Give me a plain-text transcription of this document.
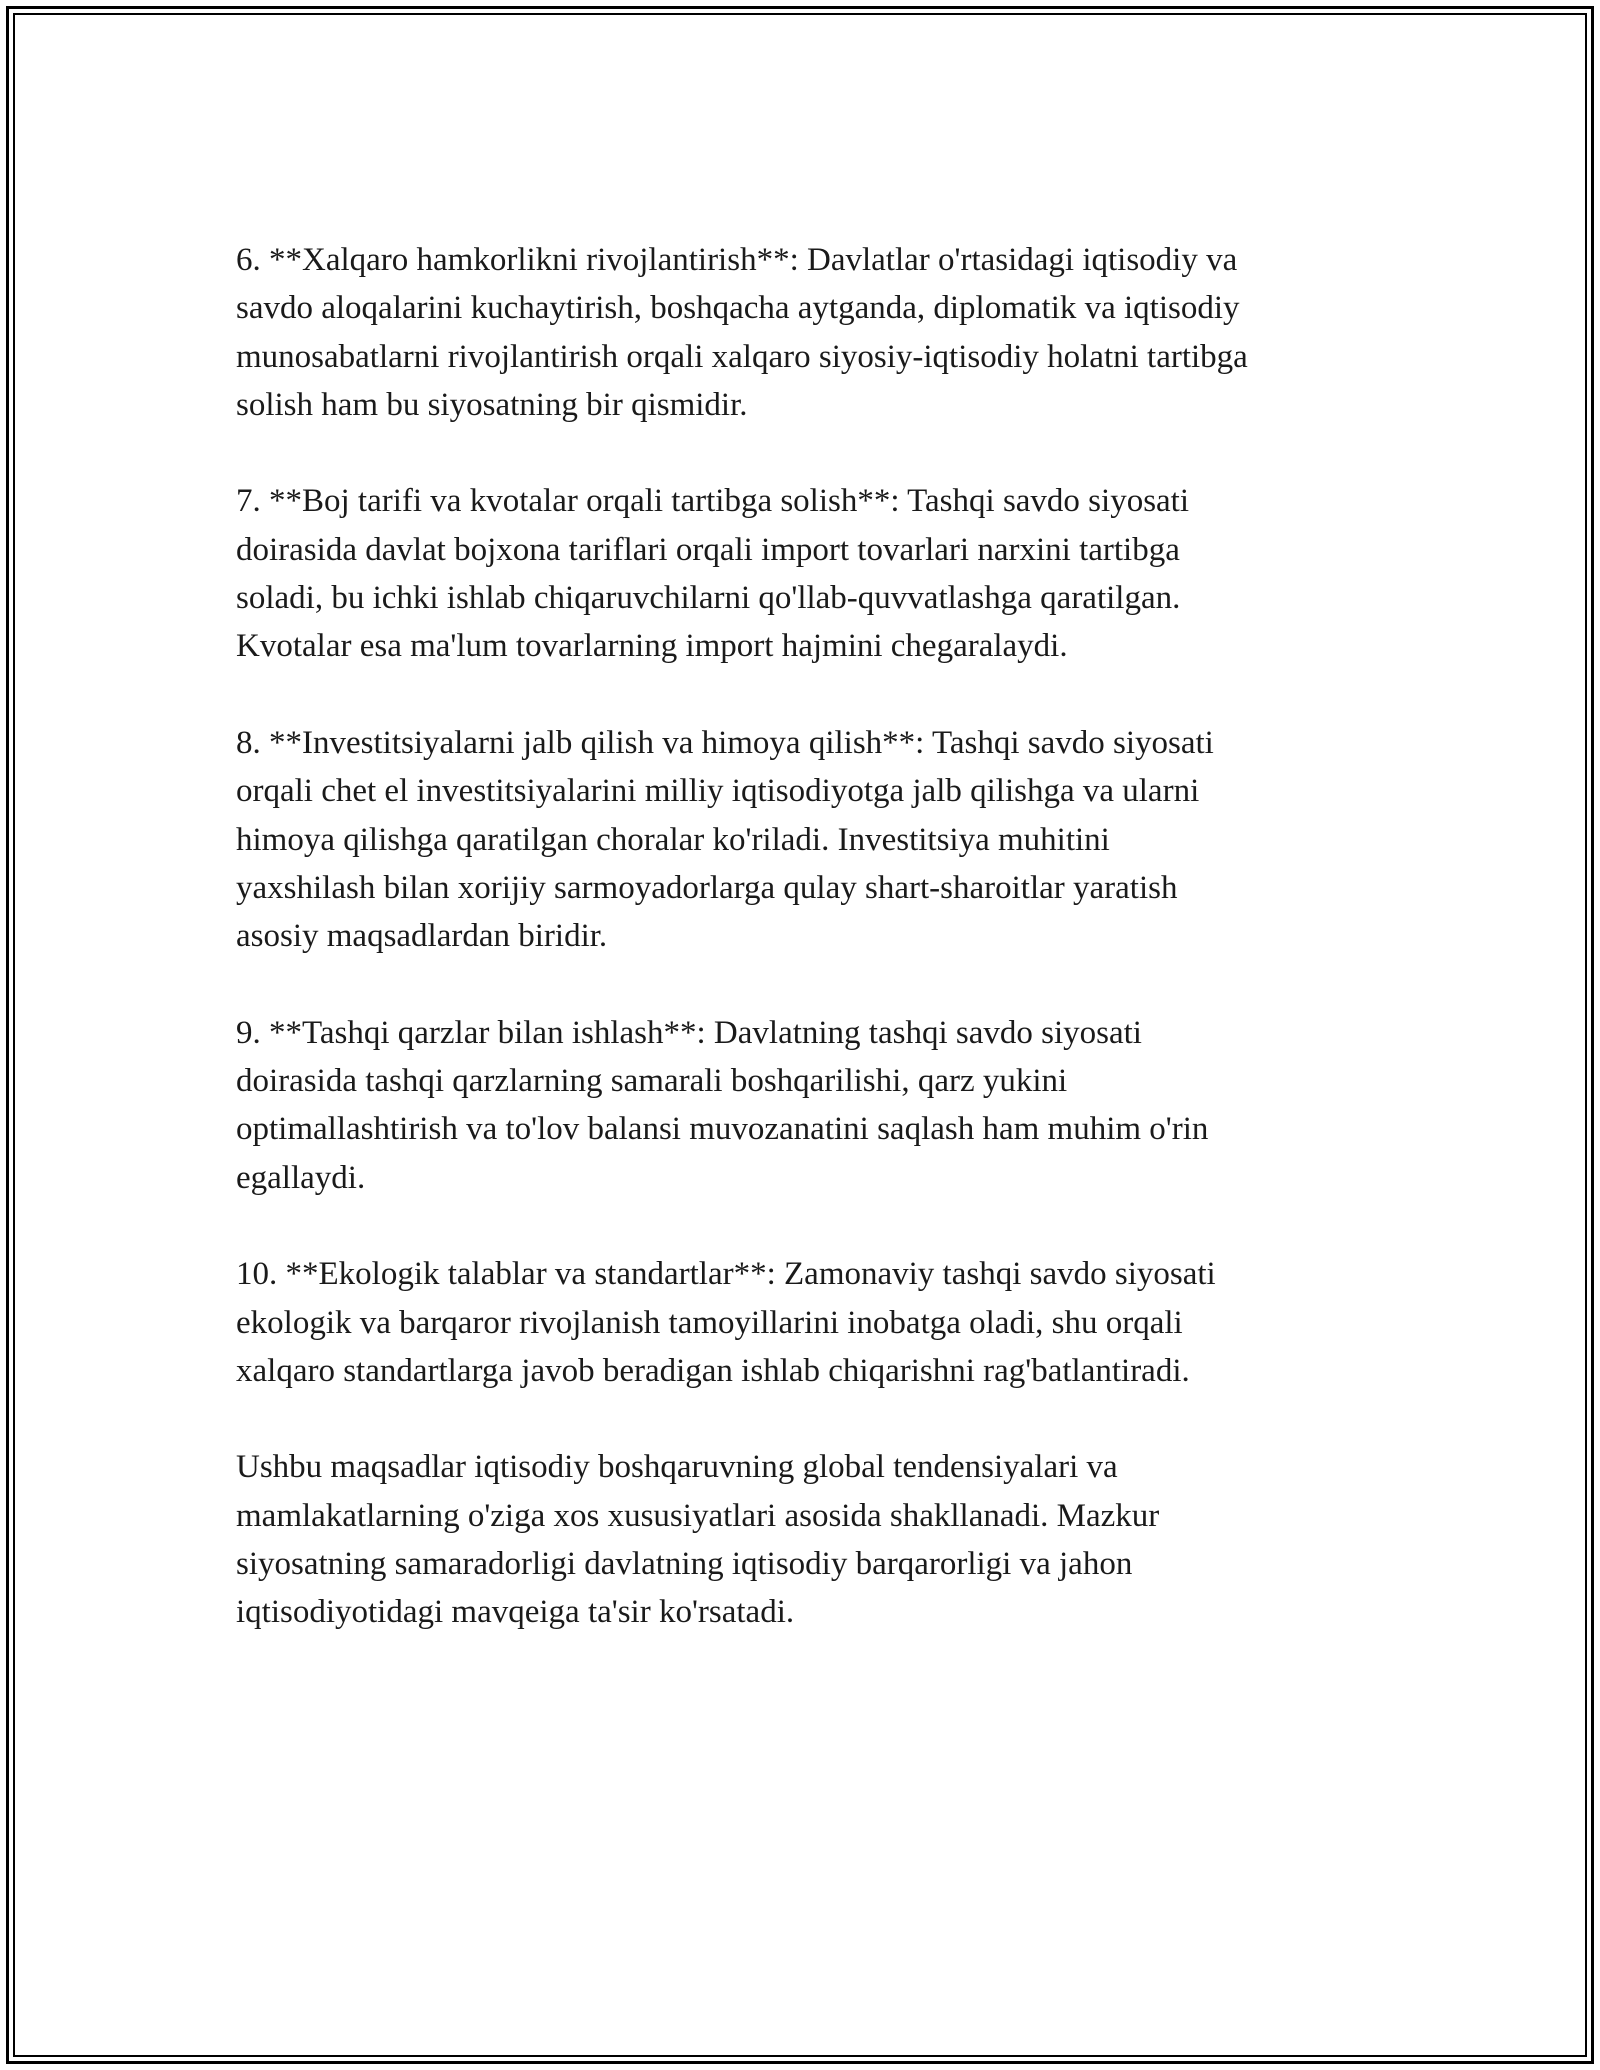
6. **Xalqaro hamkorlikni rivojlantirish**: Davlatlar o'rtasidagi iqtisodiy va
savdo aloqalarini kuchaytirish, boshqacha aytganda, diplomatik va iqtisodiy
munosabatlarni rivojlantirish orqali xalqaro siyosiy-iqtisodiy holatni tartibga
solish ham bu siyosatning bir qismidir.

7. **Boj tarifi va kvotalar orqali tartibga solish**: Tashqi savdo siyosati
doirasida davlat bojxona tariflari orqali import tovarlari narxini tartibga
soladi, bu ichki ishlab chiqaruvchilarni qo'llab-quvvatlashga qaratilgan.
Kvotalar esa ma'lum tovarlarning import hajmini chegaralaydi.

8. **Investitsiyalarni jalb qilish va himoya qilish**: Tashqi savdo siyosati
orqali chet el investitsiyalarini milliy iqtisodiyotga jalb qilishga va ularni
himoya qilishga qaratilgan choralar ko'riladi. Investitsiya muhitini
yaxshilash bilan xorijiy sarmoyadorlarga qulay shart-sharoitlar yaratish
asosiy maqsadlardan biridir.

9. **Tashqi qarzlar bilan ishlash**: Davlatning tashqi savdo siyosati
doirasida tashqi qarzlarning samarali boshqarilishi, qarz yukini
optimallashtirish va to'lov balansi muvozanatini saqlash ham muhim o'rin
egallaydi.

10. **Ekologik talablar va standartlar**: Zamonaviy tashqi savdo siyosati
ekologik va barqaror rivojlanish tamoyillarini inobatga oladi, shu orqali
xalqaro standartlarga javob beradigan ishlab chiqarishni rag'batlantiradi.

Ushbu maqsadlar iqtisodiy boshqaruvning global tendensiyalari va
mamlakatlarning o'ziga xos xususiyatlari asosida shakllanadi. Mazkur
siyosatning samaradorligi davlatning iqtisodiy barqarorligi va jahon
iqtisodiyotidagi mavqeiga ta'sir ko'rsatadi.
